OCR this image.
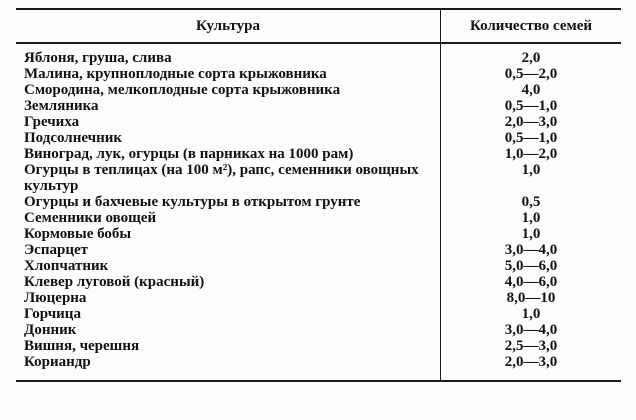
Культура	Количество семей
Яблоня, груша, слива	2,0
Малина, крупноплодные сорта крыжовника	0,5—2,0
Смородина, мелкоплодные сорта крыжовника	4,0
Земляника	0,5—1,0
Гречиха	2,0—3,0
Подсолнечник	0,5—1,0
Виноград, лук, огурцы (в парниках на 1000 рам)	1,0—2,0
Огурцы в теплицах (на 100 м²), рапс, семенники овощных культур	1,0
Огурцы и бахчевые культуры в открытом грунте	0,5
Семенники овощей	1,0
Кормовые бобы	1,0
Эспарцет	3,0—4,0
Хлопчатник	5,0—6,0
Клевер луговой (красный)	4,0—6,0
Люцерна	8,0—10
Горчица	1,0
Донник	3,0—4,0
Вишня, черешня	2,5—3,0
Кориандр	2,0—3,0
